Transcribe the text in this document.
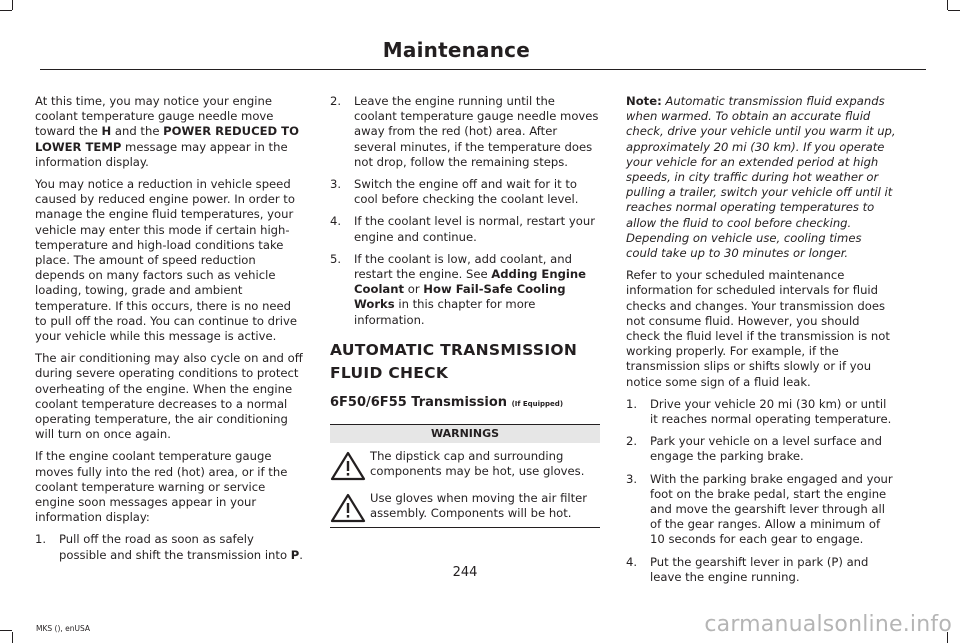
Maintenance

At this time, you may notice your engine coolant temperature gauge needle move toward the H and the POWER REDUCED TO LOWER TEMP message may appear in the information display.

You may notice a reduction in vehicle speed caused by reduced engine power. In order to manage the engine fluid temperatures, your vehicle may enter this mode if certain high-temperature and high-load conditions take place. The amount of speed reduction depends on many factors such as vehicle loading, towing, grade and ambient temperature. If this occurs, there is no need to pull off the road. You can continue to drive your vehicle while this message is active.

The air conditioning may also cycle on and off during severe operating conditions to protect overheating of the engine. When the engine coolant temperature decreases to a normal operating temperature, the air conditioning will turn on once again.

If the engine coolant temperature gauge moves fully into the red (hot) area, or if the coolant temperature warning or service engine soon messages appear in your information display:

1. Pull off the road as soon as safely possible and shift the transmission into P.
2. Leave the engine running until the coolant temperature gauge needle moves away from the red (hot) area. After several minutes, if the temperature does not drop, follow the remaining steps.
3. Switch the engine off and wait for it to cool before checking the coolant level.
4. If the coolant level is normal, restart your engine and continue.
5. If the coolant is low, add coolant, and restart the engine. See Adding Engine Coolant or How Fail-Safe Cooling Works in this chapter for more information.
AUTOMATIC TRANSMISSION
FLUID CHECK
6F50/6F55 Transmission (If Equipped)
WARNINGS
The dipstick cap and surrounding components may be hot, use gloves.
Use gloves when moving the air filter assembly. Components will be hot.

Note: Automatic transmission fluid expands when warmed. To obtain an accurate fluid check, drive your vehicle until you warm it up, approximately 20 mi (30 km). If you operate your vehicle for an extended period at high speeds, in city traffic during hot weather or pulling a trailer, switch your vehicle off until it reaches normal operating temperatures to allow the fluid to cool before checking. Depending on vehicle use, cooling times could take up to 30 minutes or longer.

Refer to your scheduled maintenance information for scheduled intervals for fluid checks and changes. Your transmission does not consume fluid. However, you should check the fluid level if the transmission is not working properly. For example, if the transmission slips or shifts slowly or if you notice some sign of a fluid leak.

1. Drive your vehicle 20 mi (30 km) or until it reaches normal operating temperature.
2. Park your vehicle on a level surface and engage the parking brake.
3. With the parking brake engaged and your foot on the brake pedal, start the engine and move the gearshift lever through all of the gear ranges. Allow a minimum of 10 seconds for each gear to engage.
4. Put the gearshift lever in park (P) and leave the engine running.
244
MKS (), enUSA	carmanualsonline.info
